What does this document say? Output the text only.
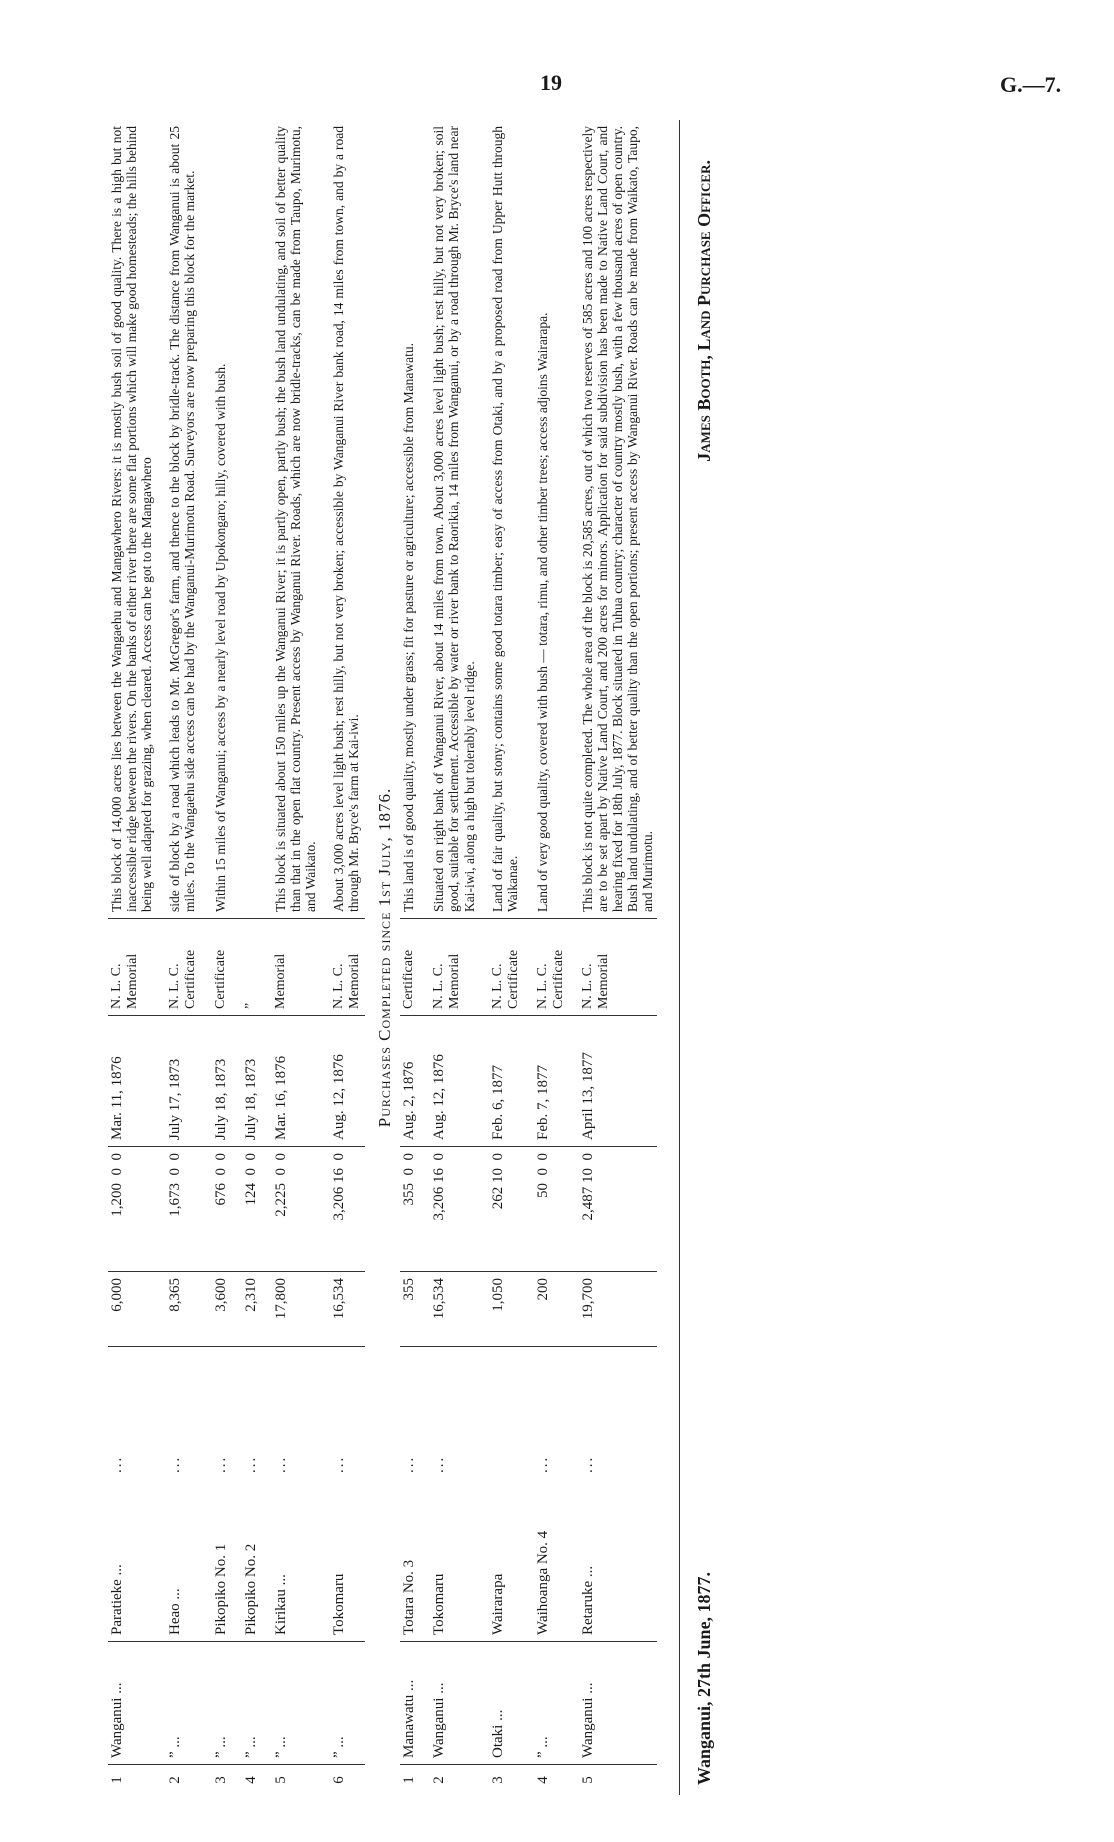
19	G.—7.
1	Wanganui ...	Paratieke ...	...	6,000	1,200  0  0	Mar. 11, 1876	N. L. C. Memorial	This block of 14,000 acres lies between the Wangaehu and Mangawhero Rivers: it is mostly bush soil of good quality. There is a high but not inaccessible ridge between the rivers. On the banks of either river there are some flat portions which will make good homesteads; the hills behind being well adapted for grazing, when cleared. Access can be got to the Mangawhero
2	” ...	Heao ...	...	8,365	1,673  0  0	July 17, 1873	N. L. C. Certificate	side of block by a road which leads to Mr. McGregor's farm, and thence to the block by bridle-track. The distance from Wanganui is about 25 miles. To the Wangaehu side access can be had by the Wanganui-Murimotu Road. Surveyors are now preparing this block for the market.
3	” ...	Pikopiko No. 1	...	3,600	676  0  0	July 18, 1873	Certificate	Within 15 miles of Wanganui; access by a nearly level road by Upokongaro; hilly, covered with bush.
4	” ...	Pikopiko No. 2	...	2,310	124  0  0	July 18, 1873	”	
5	” ...	Kirikau ...	...	17,800	2,225  0  0	Mar. 16, 1876	Memorial	This block is situated about 150 miles up the Wanganui River; it is partly open, partly bush; the bush land undulating, and soil of better quality than that in the open flat country. Present access by Wanganui River. Roads, which are now bridle-tracks, can be made from Taupo, Murimotu, and Waikato.
6	” ...	Tokomaru	...	16,534	3,206 16  0	Aug. 12, 1876	N. L. C. Memorial	About 3,000 acres level light bush; rest hilly, but not very broken; accessible by Wanganui River bank road, 14 miles from town, and by a road through Mr. Bryce's farm at Kai-iwi.
Purchases Completed since 1st July, 1876.								
1	Manawatu ...	Totara No. 3	...	355	355  0  0	Aug. 2, 1876	Certificate	This land is of good quality, mostly under grass; fit for pasture or agriculture; accessible from Manawatu.
2	Wanganui ...	Tokomaru	...	16,534	3,206 16  0	Aug. 12, 1876	N. L. C. Memorial	Situated on right bank of Wanganui River, about 14 miles from town. About 3,000 acres level light bush; rest hilly, but not very broken; soil good, suitable for settlement. Accessible by water or river bank to Raorikia, 14 miles from Wanganui, or by a road through Mr. Bryce's land near Kai-iwi, along a high but tolerably level ridge.
3	Otaki ...	Wairarapa		1,050	262 10  0	Feb. 6, 1877	N. L. C. Certificate	Land of fair quality, but stony; contains some good totara timber; easy of access from Otaki, and by a proposed road from Upper Hutt through Waikanae.
4	” ...	Waihoanga No. 4	...	200	50  0  0	Feb. 7, 1877	N. L. C. Certificate	Land of very good quality, covered with bush — totara, rimu, and other timber trees; access adjoins Wairarapa.
5	Wanganui ...	Retaruke ...	...	19,700	2,487 10  0	April 13, 1877	N. L. C. Memorial	This block is not quite completed. The whole area of the block is 20,585 acres, out of which two reserves of 585 acres and 100 acres respectively are to be set apart by Native Land Court, and 200 acres for minors. Application for said subdivision has been made to Native Land Court, and hearing fixed for 18th July, 1877. Block situated in Tuhua country; character of country mostly bush, with a few thousand acres of open country. Bush land undulating, and of better quality than the open portions; present access by Wanganui River. Roads can be made from Waikato, Taupo, and Murimotu.
Wanganui, 27th June, 1877.
James Booth, Land Purchase Officer.
